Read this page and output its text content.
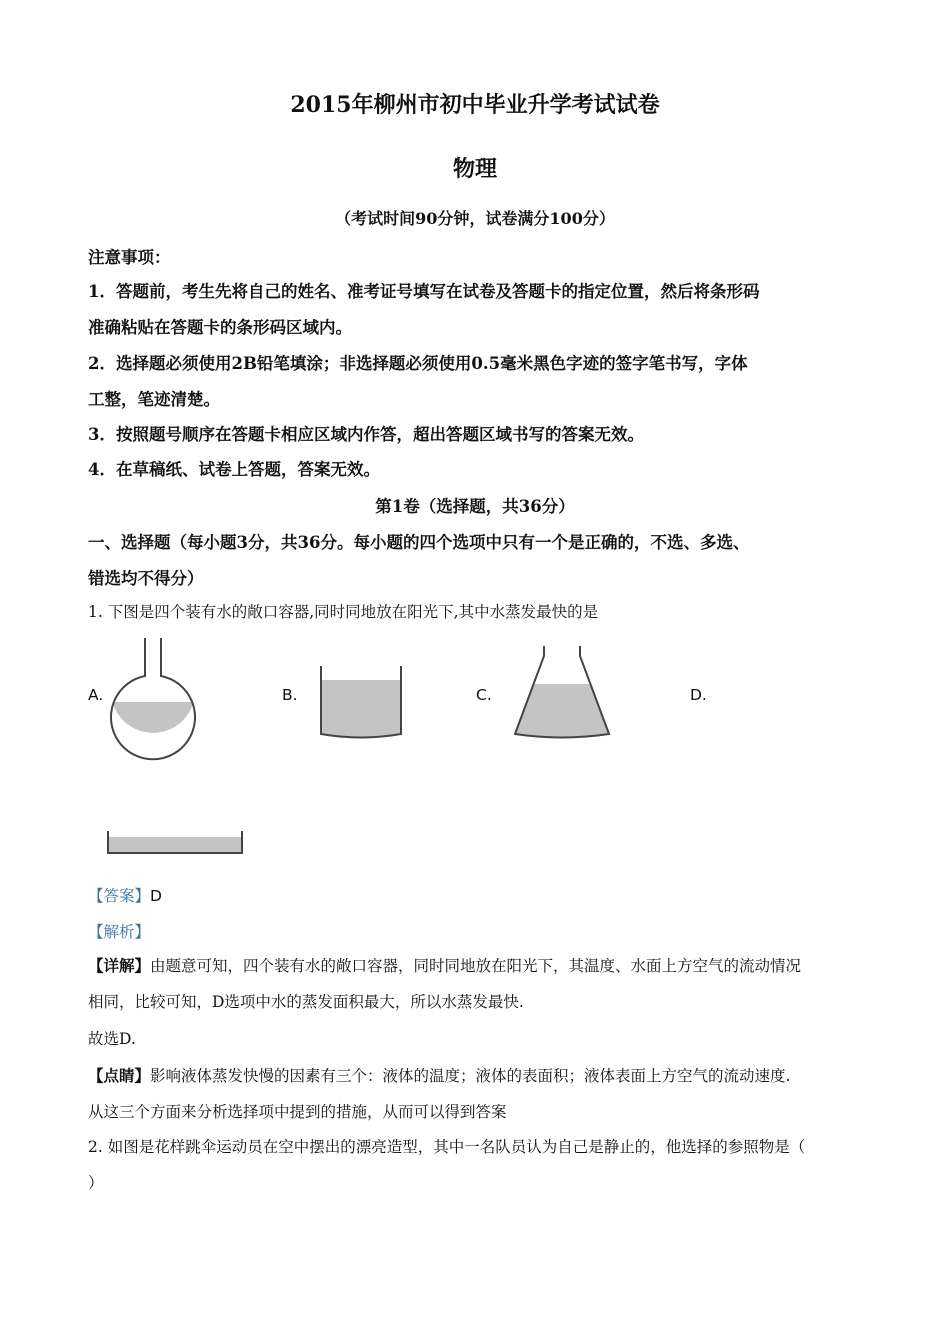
2015年柳州市初中毕业升学考试试卷
物理
（考试时间90分钟，试卷满分100分）
注意事项：
1．答题前，考生先将自己的姓名、准考证号填写在试卷及答题卡的指定位置，然后将条形码
准确粘贴在答题卡的条形码区域内。
2．选择题必须使用2B铅笔填涂；非选择题必须使用0.5毫米黑色字迹的签字笔书写，字体
工整，笔迹清楚。
3．按照题号顺序在答题卡相应区域内作答，超出答题区域书写的答案无效。
4．在草稿纸、试卷上答题，答案无效。
第1卷（选择题，共36分）
一、选择题（每小题3分，共36分。每小题的四个选项中只有一个是正确的，不选、多选、
错选均不得分）
1. 下图是四个装有水的敞口容器,同时同地放在阳光下,其中水蒸发最快的是
A.	B.	C.	D.
【答案】D
【解析】
【详解】由题意可知，四个装有水的敞口容器，同时同地放在阳光下，其温度、水面上方空气的流动情况
相同，比较可知，D选项中水的蒸发面积最大，所以水蒸发最快.
故选D.
【点睛】影响液体蒸发快慢的因素有三个：液体的温度；液体的表面积；液体表面上方空气的流动速度.
从这三个方面来分析选择项中提到的措施，从而可以得到答案
2. 如图是花样跳伞运动员在空中摆出的漂亮造型，其中一名队员认为自己是静止的，他选择的参照物是（
）
